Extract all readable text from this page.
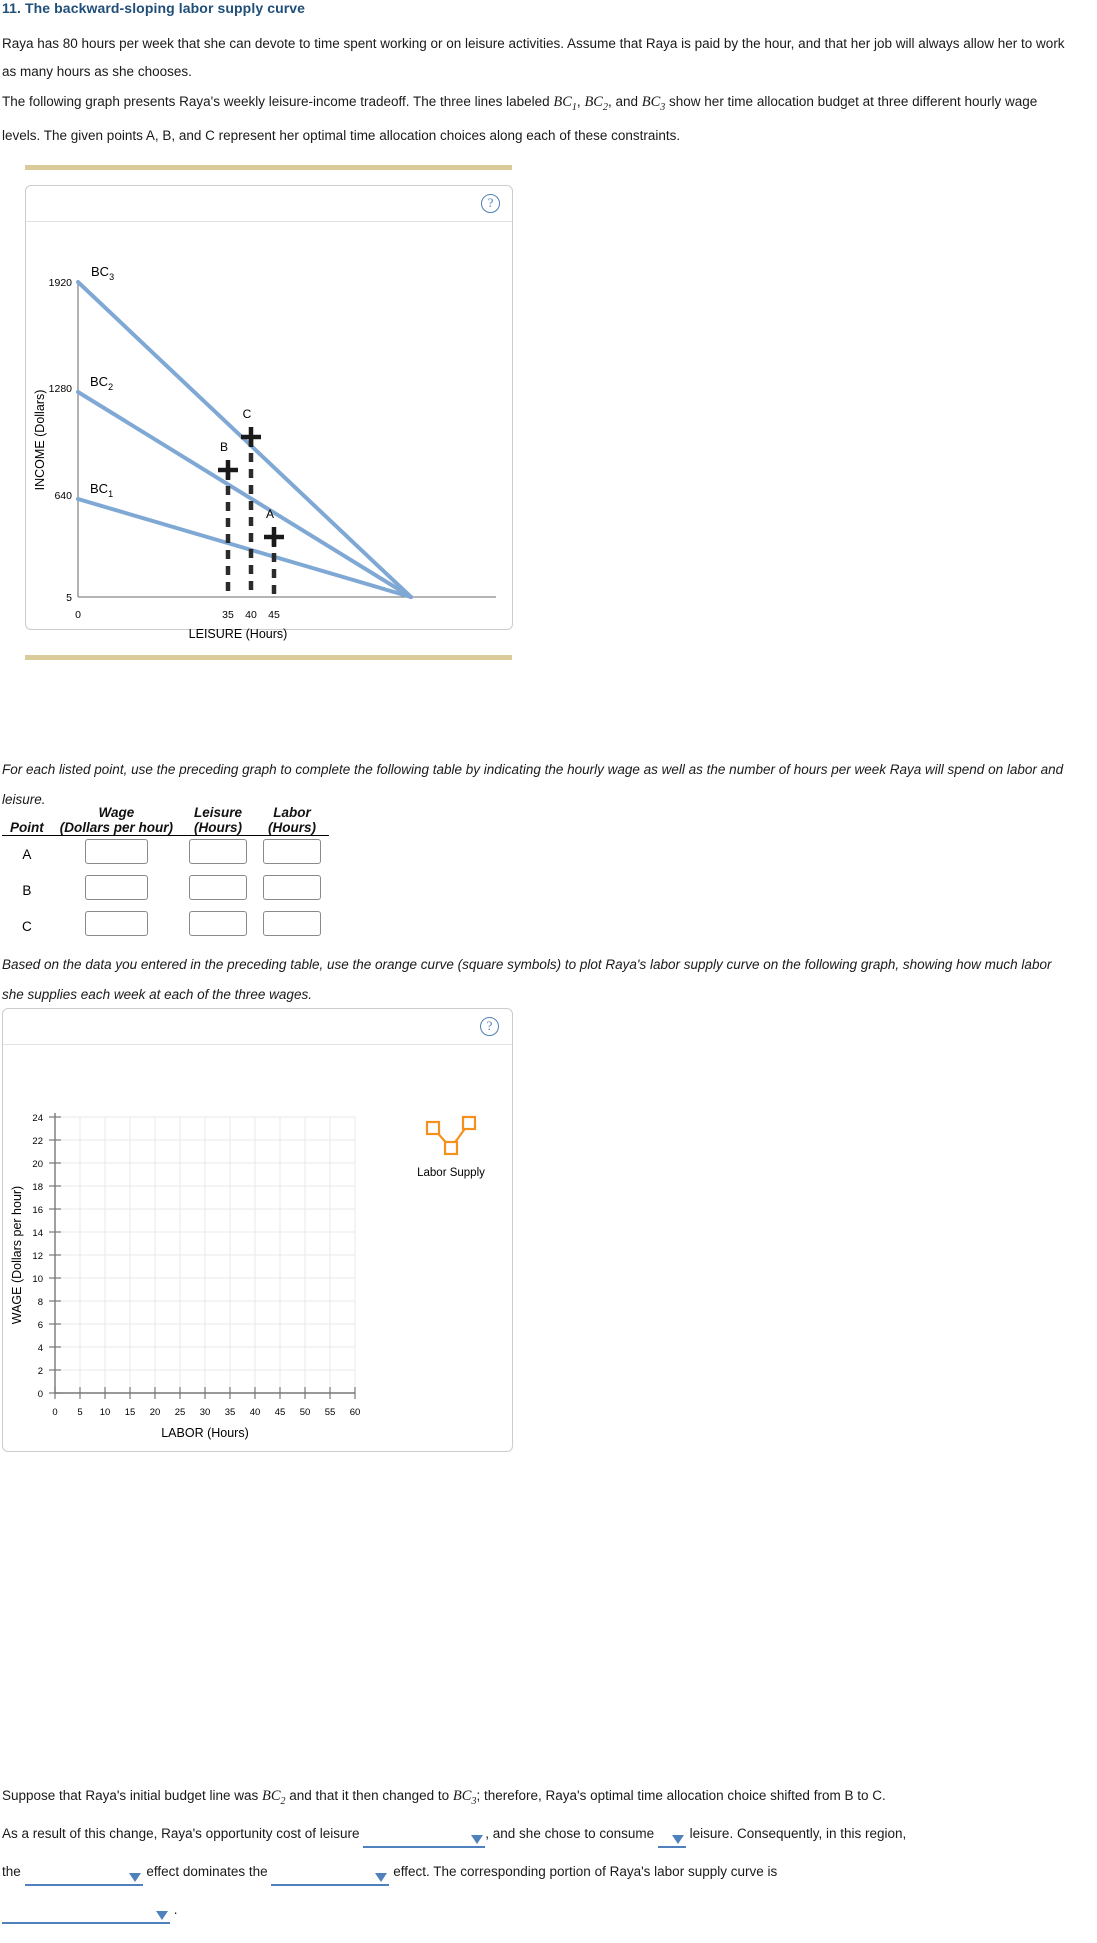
11. The backward-sloping labor supply curve

Raya has 80 hours per week that she can devote to time spent working or on leisure activities. Assume that Raya is paid by the hour, and that her job will always allow her to work as many hours as she chooses.

The following graph presents Raya's weekly leisure-income tradeoff. The three lines labeled $BC_1$, $BC_2$, and $BC_3$ show her time allocation budget at three different hourly wage levels. The given points A, B, and C represent her optimal time allocation choices along each of these constraints.

?
1920
1280
640
5
0	35 40 45
LEISURE (Hours)
INCOME (Dollars)
$BC_3$
$BC_2$
$BC_1$
C
B
A

For each listed point, use the preceding graph to complete the following table by indicating the hourly wage as well as the number of hours per week Raya will spend on labor and leisure.

	Wage	Leisure	Labor
Point	(Dollars per hour)	(Hours)	(Hours)
A			
B			
C			

Based on the data you entered in the preceding table, use the orange curve (square symbols) to plot Raya's labor supply curve on the following graph, showing how much labor she supplies each week at each of the three wages.

?
24
22
20
18
16
14
12
10
8
6
4
2
0
0 5 10 15 20 25 30 35 40 45 50 55 60
LABOR (Hours)
WAGE (Dollars per hour)
Labor Supply

Suppose that Raya's initial budget line was $BC_2$ and that it then changed to $BC_3$; therefore, Raya's optimal time allocation choice shifted from B to C.

As a result of this change, Raya's opportunity cost of leisure	, and she chose to consume	leisure. Consequently, in this region,

the	effect dominates the	effect. The corresponding portion of Raya's labor supply curve is

.
